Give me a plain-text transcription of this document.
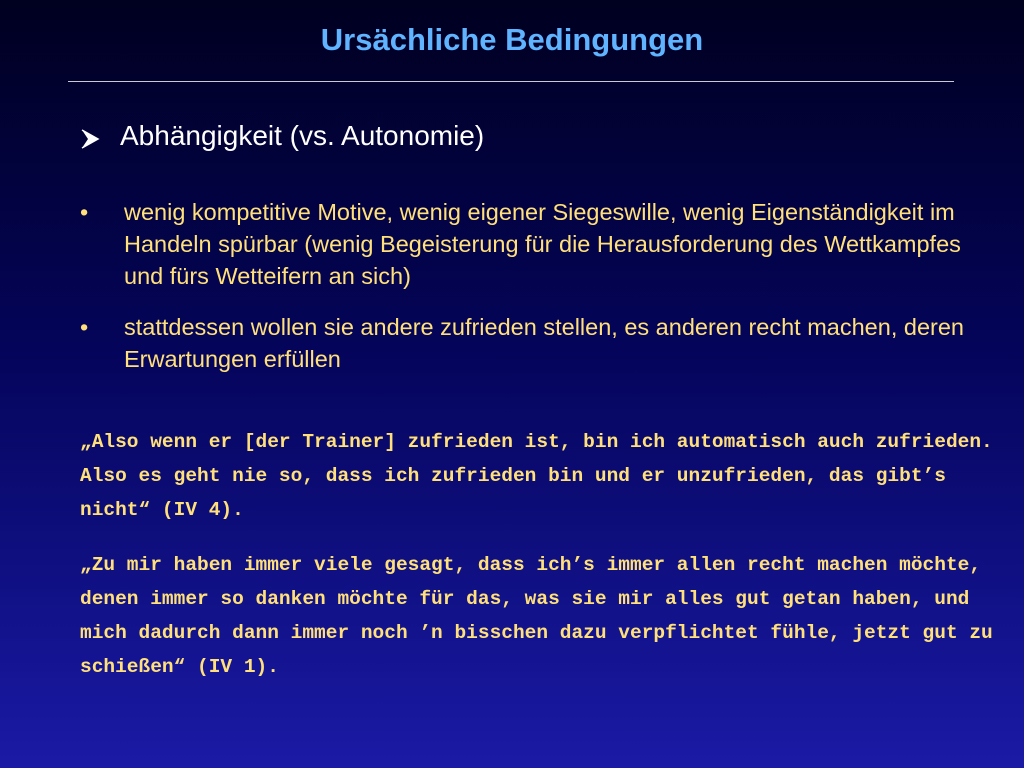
Ursächliche Bedingungen
Abhängigkeit (vs. Autonomie)
• wenig kompetitive Motive, wenig eigener Siegeswille, wenig Eigenständigkeit im Handeln spürbar (wenig Begeisterung für die Herausforderung des Wettkampfes und fürs Wetteifern an sich)
• stattdessen wollen sie andere zufrieden stellen, es anderen recht machen, deren Erwartungen erfüllen

„Also wenn er [der Trainer] zufrieden ist, bin ich automatisch auch zufrieden. Also es geht nie so, dass ich zufrieden bin und er unzufrieden, das gibt’s nicht“ (IV 4).

„Zu mir haben immer viele gesagt, dass ich’s immer allen recht machen möchte, denen immer so danken möchte für das, was sie mir alles gut getan haben, und mich dadurch dann immer noch ’n bisschen dazu verpflichtet fühle, jetzt gut zu schießen“ (IV 1).
